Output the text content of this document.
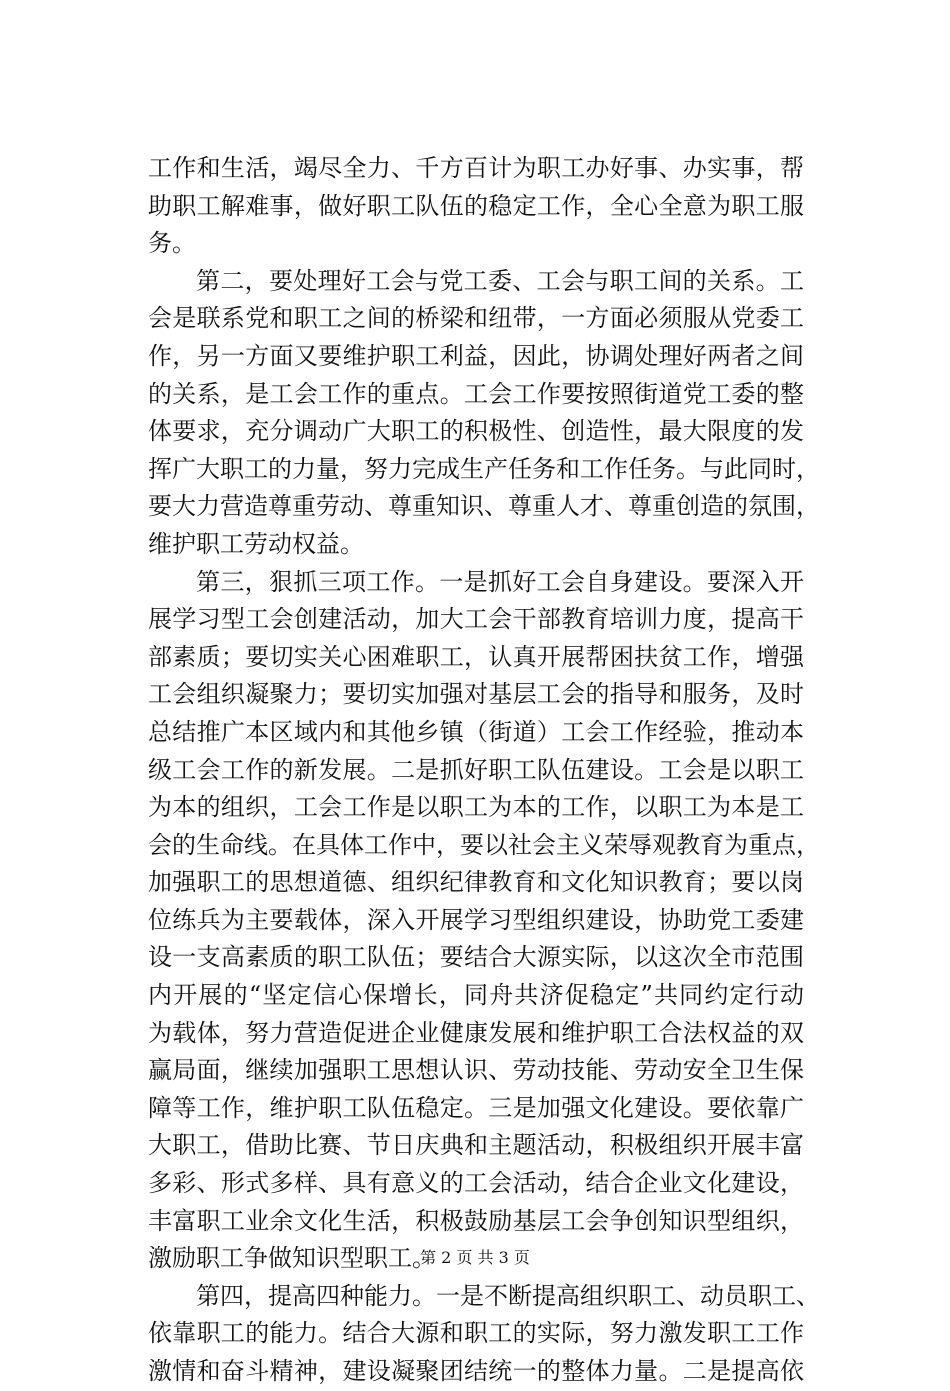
工作和生活，竭尽全力、千方百计为职工办好事、办实事，帮
助职工解难事，做好职工队伍的稳定工作，全心全意为职工服
务。
第二，要处理好工会与党工委、工会与职工间的关系。工
会是联系党和职工之间的桥梁和纽带，一方面必须服从党委工
作，另一方面又要维护职工利益，因此，协调处理好两者之间
的关系，是工会工作的重点。工会工作要按照街道党工委的整
体要求，充分调动广大职工的积极性、创造性，最大限度的发
挥广大职工的力量，努力完成生产任务和工作任务。与此同时，
要大力营造尊重劳动、尊重知识、尊重人才、尊重创造的氛围，
维护职工劳动权益。
第三，狠抓三项工作。一是抓好工会自身建设。要深入开
展学习型工会创建活动，加大工会干部教育培训力度，提高干
部素质；要切实关心困难职工，认真开展帮困扶贫工作，增强
工会组织凝聚力；要切实加强对基层工会的指导和服务，及时
总结推广本区域内和其他乡镇（街道）工会工作经验，推动本
级工会工作的新发展。二是抓好职工队伍建设。工会是以职工
为本的组织，工会工作是以职工为本的工作，以职工为本是工
会的生命线。在具体工作中，要以社会主义荣辱观教育为重点，
加强职工的思想道德、组织纪律教育和文化知识教育；要以岗
位练兵为主要载体，深入开展学习型组织建设，协助党工委建
设一支高素质的职工队伍；要结合大源实际，以这次全市范围
内开展的“坚定信心保增长，同舟共济促稳定”共同约定行动
为载体，努力营造促进企业健康发展和维护职工合法权益的双
赢局面，继续加强职工思想认识、劳动技能、劳动安全卫生保
障等工作，维护职工队伍稳定。三是加强文化建设。要依靠广
大职工，借助比赛、节日庆典和主题活动，积极组织开展丰富
多彩、形式多样、具有意义的工会活动，结合企业文化建设，
丰富职工业余文化生活，积极鼓励基层工会争创知识型组织，
激励职工争做知识型职工。
第四，提高四种能力。一是不断提高组织职工、动员职工、
依靠职工的能力。结合大源和职工的实际，努力激发职工工作
激情和奋斗精神，建设凝聚团结统一的整体力量。二是提高依
第 2 页 共 3 页
